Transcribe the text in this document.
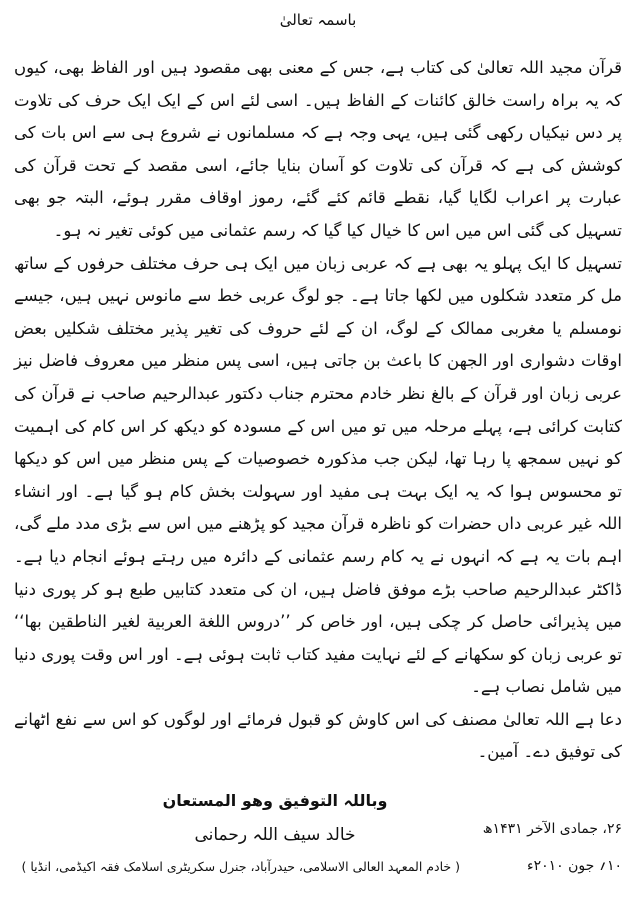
باسمہ تعالیٰ

قرآن مجید اللہ تعالیٰ کی کتاب ہے، جس کے معنی بھی مقصود ہیں اور الفاظ بھی، کیوں کہ یہ براہ راست خالق کائنات کے الفاظ ہیں۔ اسی لئے اس کے ایک ایک حرف کی تلاوت پر دس نیکیاں رکھی گئی ہیں، یہی وجہ ہے کہ مسلمانوں نے شروع ہی سے اس بات کی کوشش کی ہے کہ قرآن کی تلاوت کو آسان بنایا جائے، اسی مقصد کے تحت قرآن کی عبارت پر اعراب لگایا گیا، نقطے قائم کئے گئے، رموز اوقاف مقرر ہوئے، البتہ جو بھی تسہیل کی گئی اس میں اس کا خیال کیا گیا کہ رسم عثمانی میں کوئی تغیر نہ ہو۔

تسہیل کا ایک پہلو یہ بھی ہے کہ عربی زبان میں ایک ہی حرف مختلف حرفوں کے ساتھ مل کر متعدد شکلوں میں لکھا جاتا ہے۔ جو لوگ عربی خط سے مانوس نہیں ہیں، جیسے نومسلم یا مغربی ممالک کے لوگ، ان کے لئے حروف کی تغیر پذیر مختلف شکلیں بعض اوقات دشواری اور الجھن کا باعث بن جاتی ہیں، اسی پس منظر میں معروف فاضل نیز عربی زبان اور قرآن کے بالغ نظر خادم محترم جناب دکتور عبدالرحیم صاحب نے قرآن کی کتابت کرائی ہے، پہلے مرحلہ میں تو میں اس کے مسودہ کو دیکھ کر اس کام کی اہمیت کو نہیں سمجھ پا رہا تھا، لیکن جب مذکورہ خصوصیات کے پس منظر میں اس کو دیکھا تو محسوس ہوا کہ یہ ایک بہت ہی مفید اور سہولت بخش کام ہو گیا ہے۔ اور انشاء اللہ غیر عربی داں حضرات کو ناظرہ قرآن مجید کو پڑھنے میں اس سے بڑی مدد ملے گی، اہم بات یہ ہے کہ انہوں نے یہ کام رسم عثمانی کے دائرہ میں رہتے ہوئے انجام دیا ہے۔ ڈاکٹر عبدالرحیم صاحب بڑے موفق فاضل ہیں، ان کی متعدد کتابیں طبع ہو کر پوری دنیا میں پذیرائی حاصل کر چکی ہیں، اور خاص کر ’’دروس اللغة العربية لغير الناطقين بها‘‘ تو عربی زبان کو سکھانے کے لئے نہایت مفید کتاب ثابت ہوئی ہے۔ اور اس وقت پوری دنیا میں شامل نصاب ہے۔

دعا ہے اللہ تعالیٰ مصنف کی اس کاوش کو قبول فرمائے اور لوگوں کو اس سے نفع اٹھانے کی توفیق دے۔ آمین۔

وباللہ التوفیق وھو المستعان
خالد سیف اللہ رحمانی
( خادم المعہد العالی الاسلامی، حیدرآباد، جنرل سکریٹری اسلامک فقہ اکیڈمی، انڈیا )
۲۶، جمادی الآخر ۱۴۳۱ھ
۱۰؍ جون ۲۰۱۰ء
